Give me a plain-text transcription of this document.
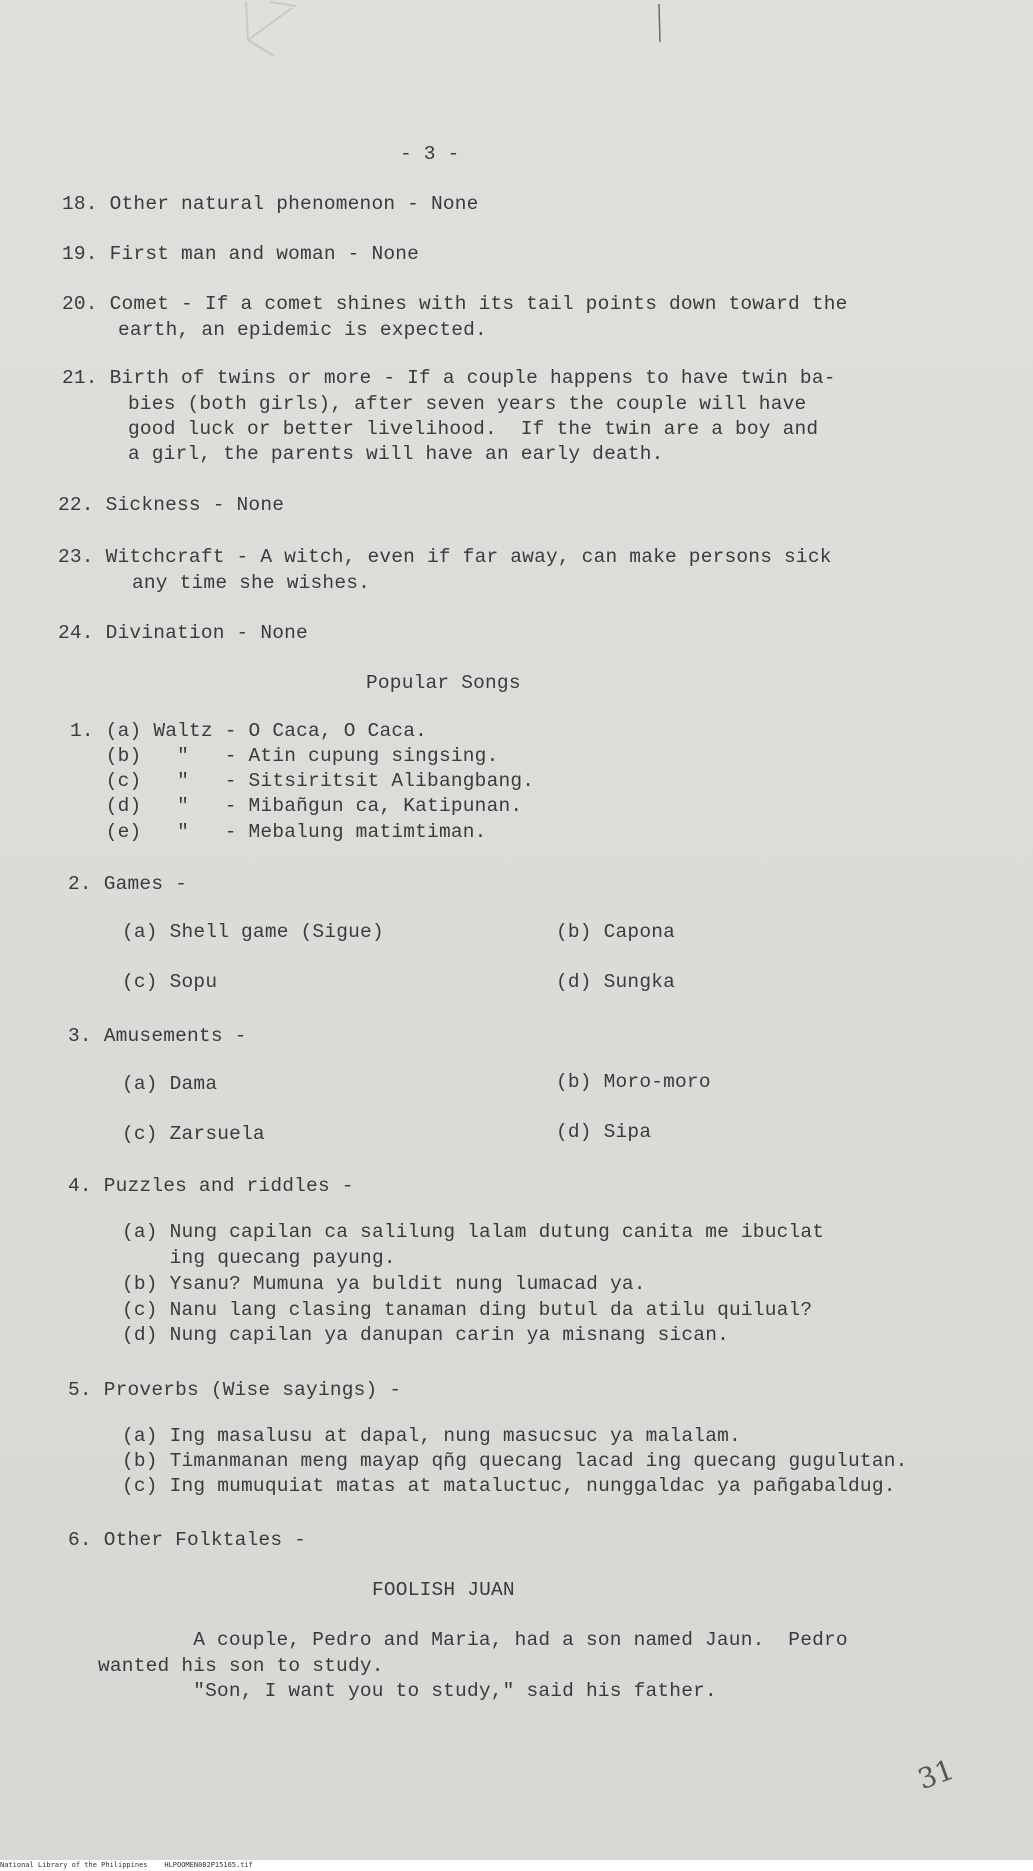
- 3 -
18. Other natural phenomenon - None
19. First man and woman - None
20. Comet - If a comet shines with its tail points down toward the
earth, an epidemic is expected.
21. Birth of twins or more - If a couple happens to have twin ba-
bies (both girls), after seven years the couple will have
good luck or better livelihood.  If the twin are a boy and
a girl, the parents will have an early death.
22. Sickness - None
23. Witchcraft - A witch, even if far away, can make persons sick
any time she wishes.
24. Divination - None
Popular Songs
1. (a) Waltz - O Caca, O Caca.
(b)   "   - Atin cupung singsing.
(c)   "   - Sitsiritsit Alibangbang.
(d)   "   - Mibañgun ca, Katipunan.
(e)   "   - Mebalung matimtiman.
2. Games -
(a) Shell game (Sigue)	(b) Capona
(c) Sopu	(d) Sungka
3. Amusements -
(a) Dama	(b) Moro-moro
(c) Zarsuela	(d) Sipa
4. Puzzles and riddles -
(a) Nung capilan ca salilung lalam dutung canita me ibuclat
ing quecang payung.
(b) Ysanu? Mumuna ya buldit nung lumacad ya.
(c) Nanu lang clasing tanaman ding butul da atilu quilual?
(d) Nung capilan ya danupan carin ya misnang sican.
5. Proverbs (Wise sayings) -
(a) Ing masalusu at dapal, nung masucsuc ya malalam.
(b) Timanmanan meng mayap qñg quecang lacad ing quecang gugulutan.
(c) Ing mumuquiat matas at mataluctuc, nunggaldac ya pañgabaldug.
6. Other Folktales -
FOOLISH JUAN
A couple, Pedro and Maria, had a son named Jaun.  Pedro
wanted his son to study.
"Son, I want you to study," said his father.
31
National Library of the Philippines    HLPOOMEN082P15165.tif
